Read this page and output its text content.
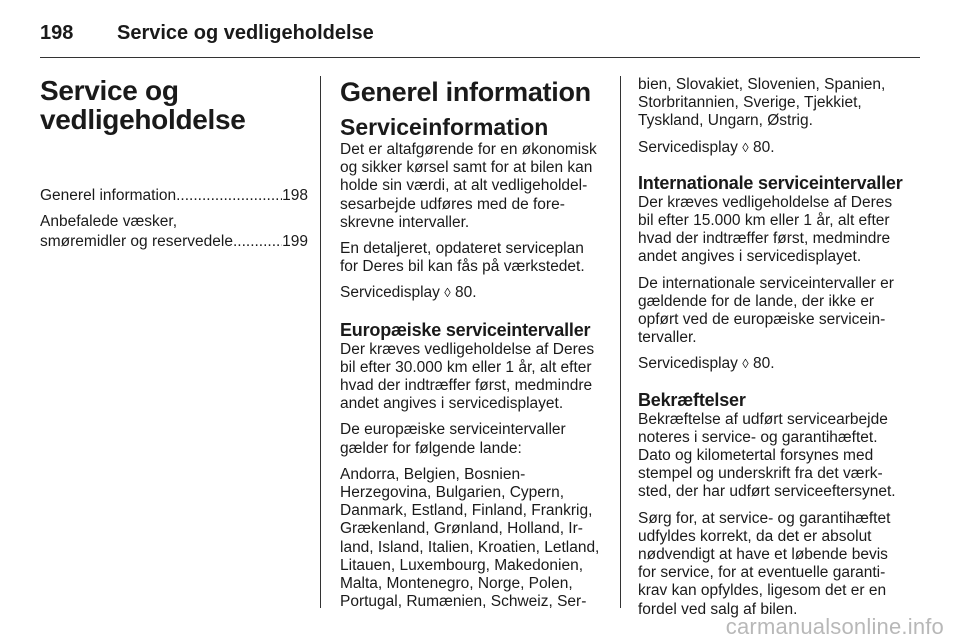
198 Service og vedligeholdelse
Service og
vedligeholdelse
Generel information .....	198
Anbefalede væsker,
smøremidler og reservedele .....	199
Generel information
Serviceinformation

Det er altafgørende for en økonomisk
og sikker kørsel samt for at bilen kan
holde sin værdi, at alt vedligeholdel-
sesarbejde udføres med de fore-
skrevne intervaller.

En detaljeret, opdateret serviceplan
for Deres bil kan fås på værkstedet.

Servicedisplay ◊ 80.

Europæiske serviceintervaller

Der kræves vedligeholdelse af Deres
bil efter 30.000 km eller 1 år, alt efter
hvad der indtræffer først, medmindre
andet angives i servicedisplayet.

De europæiske serviceintervaller
gælder for følgende lande:

Andorra, Belgien, Bosnien-
Herzegovina, Bulgarien, Cypern,
Danmark, Estland, Finland, Frankrig,
Grækenland, Grønland, Holland, Ir-
land, Island, Italien, Kroatien, Letland,
Litauen, Luxembourg, Makedonien,
Malta, Montenegro, Norge, Polen,
Portugal, Rumænien, Schweiz, Ser-

bien, Slovakiet, Slovenien, Spanien,
Storbritannien, Sverige, Tjekkiet,
Tyskland, Ungarn, Østrig.

Servicedisplay ◊ 80.

Internationale serviceintervaller

Der kræves vedligeholdelse af Deres
bil efter 15.000 km eller 1 år, alt efter
hvad der indtræffer først, medmindre
andet angives i servicedisplayet.

De internationale serviceintervaller er
gældende for de lande, der ikke er
opført ved de europæiske servicein-
tervaller.

Servicedisplay ◊ 80.

Bekræftelser

Bekræftelse af udført servicearbejde
noteres i service- og garantihæftet.
Dato og kilometertal forsynes med
stempel og underskrift fra det værk-
sted, der har udført serviceeftersynet.

Sørg for, at service- og garantihæftet
udfyldes korrekt, da det er absolut
nødvendigt at have et løbende bevis
for service, for at eventuelle garanti-
krav kan opfyldes, ligesom det er en
fordel ved salg af bilen.

carmanualsonline.info
